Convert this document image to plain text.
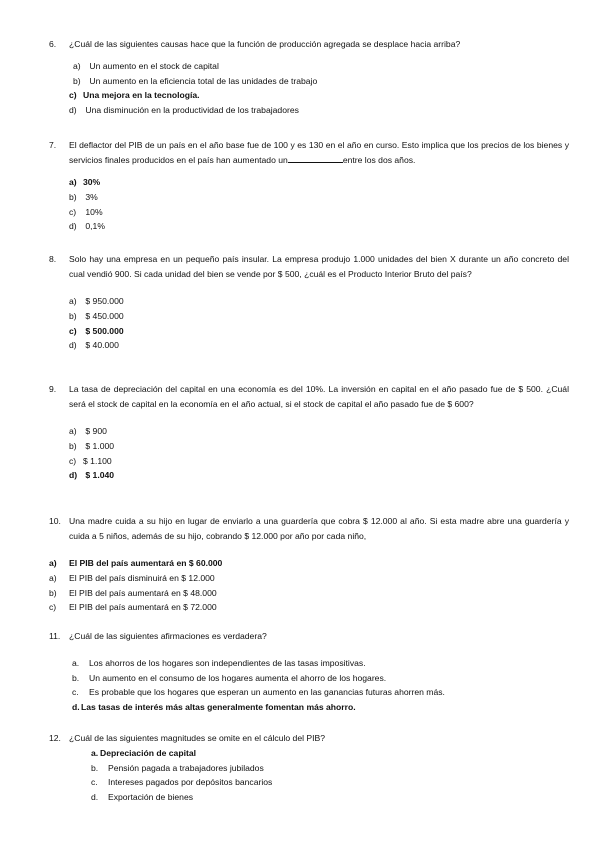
6.	¿Cuál de las siguientes causas hace que la función de producción agregada se desplace hacia arriba?
a) Un aumento en el stock de capital
b) Un aumento en la eficiencia total de las unidades de trabajo
c) Una mejora en la tecnología.
d) Una disminución en la productividad de los trabajadores
7.	El deflactor del PIB de un país en el año base fue de 100 y es 130 en el año en curso. Esto implica que los precios de los bienes y servicios finales producidos en el país han aumentado un	entre los dos años.
a) 30%
b) 3%
c) 10%
d) 0,1%
8.	Solo hay una empresa en un pequeño país insular. La empresa produjo 1.000 unidades del bien X durante un año concreto del cual vendió 900. Si cada unidad del bien se vende por $ 500, ¿cuál es el Producto Interior Bruto del país?
a) $ 950.000
b) $ 450.000
c) $ 500.000
d) $ 40.000
9.	La tasa de depreciación del capital en una economía es del 10%. La inversión en capital en el año pasado fue de $ 500. ¿Cuál será el stock de capital en la economía en el año actual, si el stock de capital el año pasado fue de $ 600?
a) $ 900
b) $ 1.000
c) $ 1.100
d) $ 1.040
10. Una madre cuida a su hijo en lugar de enviarlo a una guardería que cobra $ 12.000 al año. Si esta madre abre una guardería y cuida a 5 niños, además de su hijo, cobrando $ 12.000 por año por cada niño,
a) El PIB del país aumentará en $ 60.000
a) El PIB del país disminuirá en $ 12.000
b) El PIB del país aumentará en $ 48.000
c) El PIB del país aumentará en $ 72.000
11.	¿Cuál de las siguientes afirmaciones es verdadera?
a. Los ahorros de los hogares son independientes de las tasas impositivas.
b. Un aumento en el consumo de los hogares aumenta el ahorro de los hogares.
c. Es probable que los hogares que esperan un aumento en las ganancias futuras ahorren más.
d.Las tasas de interés más altas generalmente fomentan más ahorro.
12. ¿Cuál de las siguientes magnitudes se omite en el cálculo del PIB?
a. Depreciación de capital
b. Pensión pagada a trabajadores jubilados
c. Intereses pagados por depósitos bancarios
d. Exportación de bienes
